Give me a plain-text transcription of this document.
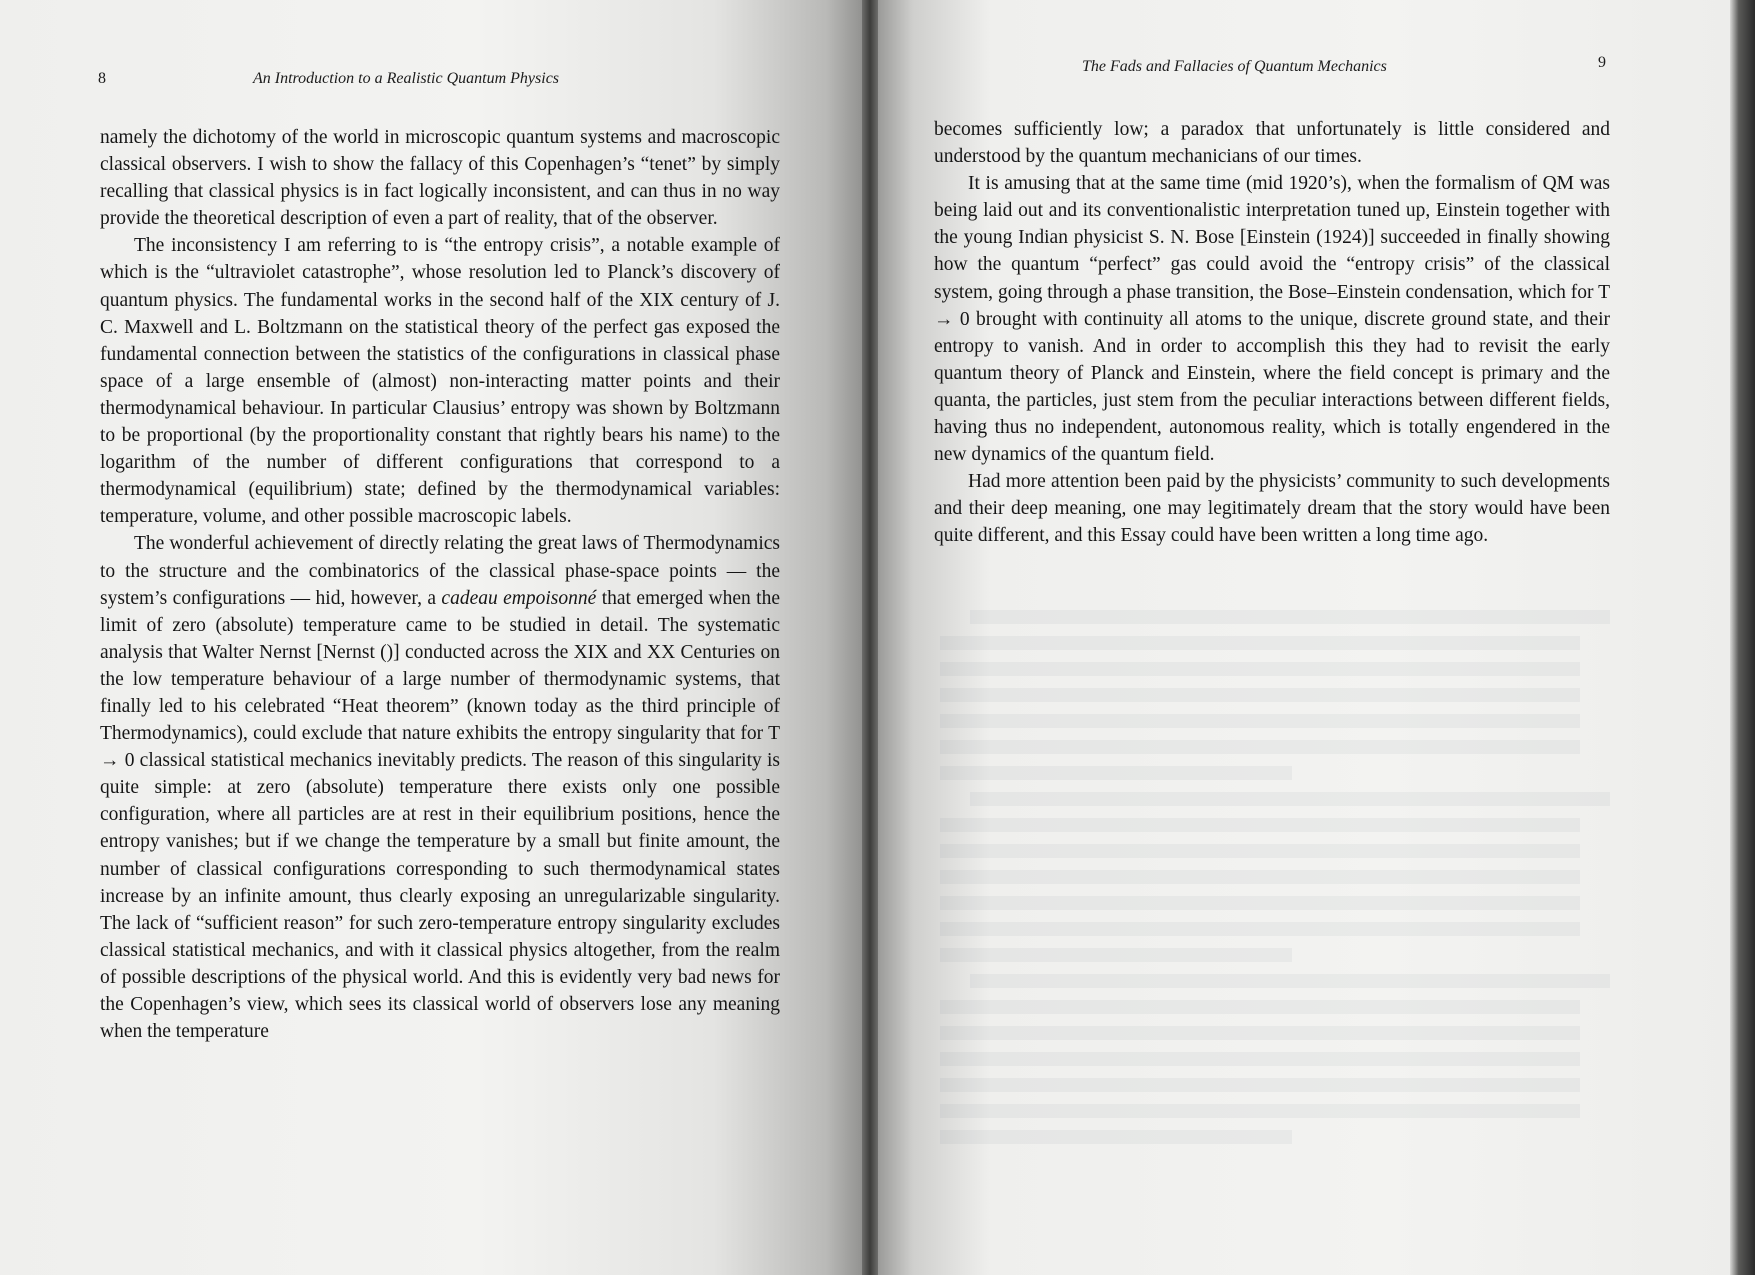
8	An Introduction to a Realistic Quantum Physics

namely the dichotomy of the world in microscopic quantum systems and macroscopic classical observers. I wish to show the fallacy of this Copenhagen’s “tenet” by simply recalling that classical physics is in fact logically inconsistent, and can thus in no way provide the theoretical description of even a part of reality, that of the observer.

The inconsistency I am referring to is “the entropy crisis”, a notable example of which is the “ultraviolet catastrophe”, whose resolution led to Planck’s discovery of quantum physics. The fundamental works in the second half of the XIX century of J. C. Maxwell and L. Boltzmann on the statistical theory of the perfect gas exposed the fundamental connection between the statistics of the configurations in classical phase space of a large ensemble of (almost) non-interacting matter points and their thermodynamical behaviour. In particular Clausius’ entropy was shown by Boltzmann to be proportional (by the proportionality constant that rightly bears his name) to the logarithm of the number of different configurations that correspond to a thermodynamical (equilibrium) state; defined by the thermodynamical variables: temperature, volume, and other possible macroscopic labels.

The wonderful achievement of directly relating the great laws of Thermodynamics to the structure and the combinatorics of the classical phase-space points — the system’s configurations — hid, however, a cadeau empoisonné that emerged when the limit of zero (absolute) temperature came to be studied in detail. The systematic analysis that Walter Nernst [Nernst ()] conducted across the XIX and XX Centuries on the low temperature behaviour of a large number of thermodynamic systems, that finally led to his celebrated “Heat theorem” (known today as the third principle of Thermodynamics), could exclude that nature exhibits the entropy singularity that for T → 0 classical statistical mechanics inevitably predicts. The reason of this singularity is quite simple: at zero (absolute) temperature there exists only one possible configuration, where all particles are at rest in their equilibrium positions, hence the entropy vanishes; but if we change the temperature by a small but finite amount, the number of classical configurations corresponding to such thermodynamical states increase by an infinite amount, thus clearly exposing an unregularizable singularity. The lack of “sufficient reason” for such zero-temperature entropy singularity excludes classical statistical mechanics, and with it classical physics altogether, from the realm of possible descriptions of the physical world. And this is evidently very bad news for the Copenhagen’s view, which sees its classical world of observers lose any meaning when the temperature

The Fads and Fallacies of Quantum Mechanics	9

becomes sufficiently low; a paradox that unfortunately is little considered and understood by the quantum mechanicians of our times.

It is amusing that at the same time (mid 1920’s), when the formalism of QM was being laid out and its conventionalistic interpretation tuned up, Einstein together with the young Indian physicist S. N. Bose [Einstein (1924)] succeeded in finally showing how the quantum “perfect” gas could avoid the “entropy crisis” of the classical system, going through a phase transition, the Bose–Einstein condensation, which for T → 0 brought with continuity all atoms to the unique, discrete ground state, and their entropy to vanish. And in order to accomplish this they had to revisit the early quantum theory of Planck and Einstein, where the field concept is primary and the quanta, the particles, just stem from the peculiar interactions between different fields, having thus no independent, autonomous reality, which is totally engendered in the new dynamics of the quantum field.

Had more attention been paid by the physicists’ community to such developments and their deep meaning, one may legitimately dream that the story would have been quite different, and this Essay could have been written a long time ago.
